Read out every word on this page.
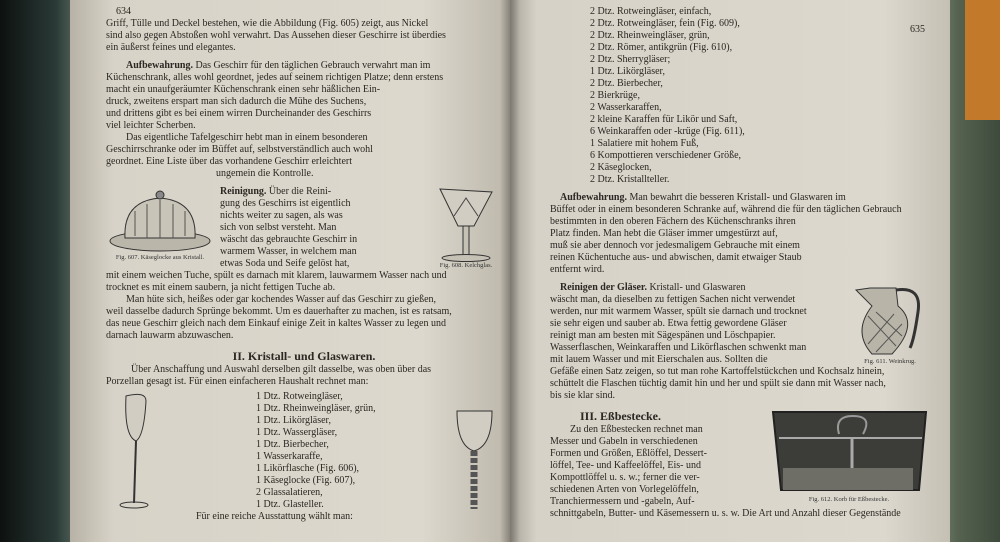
634
Griff, Tülle und Deckel bestehen, wie die Abbildung (Fig. 605) zeigt, aus Nickel
sind also gegen Abstoßen wohl verwahrt. Das Aussehen dieser Geschirre ist überdies
ein äußerst feines und elegantes.
Aufbewahrung. Das Geschirr für den täglichen Gebrauch verwahrt man im
Küchenschrank, alles wohl geordnet, jedes auf seinem richtigen Platze; denn erstens
macht ein unaufgeräumter Küchenschrank einen sehr häßlichen Ein-
druck, zweitens erspart man sich dadurch die Mühe des Suchens,
und drittens gibt es bei einem wirren Durcheinander des Geschirrs
viel leichter Scherben.
Das eigentliche Tafelgeschirr hebt man in einem besonderen
Geschirrschranke oder im Büffet auf, selbstverständlich auch wohl
geordnet. Eine Liste über das vorhandene Geschirr erleichtert
ungemein die Kontrolle.
Fig. 607. Käseglocke aus Kristall.
Reinigung. Über die Reini-
gung des Geschirrs ist eigentlich
nichts weiter zu sagen, als was
sich von selbst versteht. Man
wäscht das gebrauchte Geschirr in
warmem Wasser, in welchem man
etwas Soda und Seife gelöst hat,	Fig. 608. Kelchglas.
mit einem weichen Tuche, spült es darnach mit klarem, lauwarmem Wasser nach und
trocknet es mit einem saubern, ja nicht fettigen Tuche ab.
Man hüte sich, heißes oder gar kochendes Wasser auf das Geschirr zu gießen,
weil dasselbe dadurch Sprünge bekommt. Um es dauerhafter zu machen, ist es ratsam,
das neue Geschirr gleich nach dem Einkauf einige Zeit in kaltes Wasser zu legen und
darnach lauwarm abzuwaschen.
II. Kristall- und Glaswaren.
Über Anschaffung und Auswahl derselben gilt dasselbe, was oben über das
Porzellan gesagt ist. Für einen einfacheren Haushalt rechnet man:
1 Dtz. Rotweingläser,
1 Dtz. Rheinweingläser, grün,
1 Dtz. Likörgläser,
1 Dtz. Wassergläser,
1 Dtz. Bierbecher,
1 Wasserkaraffe,
1 Likörflasche (Fig. 606),
1 Käseglocke (Fig. 607),
2 Glassalatieren,
1 Dtz. Glasteller.
Für eine reiche Ausstattung wählt man:
2 Dtz. Rotweingläser, einfach,
2 Dtz. Rotweingläser, fein (Fig. 609),
2 Dtz. Rheinweingläser, grün,
2 Dtz. Römer, antikgrün (Fig. 610),
2 Dtz. Sherrygläser;
1 Dtz. Likörgläser,
2 Dtz. Bierbecher,
2 Bierkrüge,
2 Wasserkaraffen,
2 kleine Karaffen für Likör und Saft,
6 Weinkaraffen oder -krüge (Fig. 611),
1 Salatiere mit hohem Fuß,
6 Kompottieren verschiedener Größe,
2 Käseglocken,
2 Dtz. Kristallteller.
635
Aufbewahrung. Man bewahrt die besseren Kristall- und Glaswaren im
Büffet oder in einem besonderen Schranke auf, während die für den täglichen Gebrauch
bestimmten in den oberen Fächern des Küchenschranks ihren
Platz finden. Man hebt die Gläser immer umgestürzt auf,
muß sie aber dennoch vor jedesmaligem Gebrauche mit einem
reinen Küchentuche aus- und abwischen, damit etwaiger Staub
entfernt wird.
Reinigen der Gläser. Kristall- und Glaswaren
wäscht man, da dieselben zu fettigen Sachen nicht verwendet
werden, nur mit warmem Wasser, spült sie darnach und trocknet
sie sehr eigen und sauber ab. Etwa fettig gewordene Gläser
reinigt man am besten mit Sägespänen und Löschpapier.
Wasserflaschen, Weinkaraffen und Likörflaschen schwenkt man
mit lauem Wasser und mit Eierschalen aus. Sollten die	Fig. 611. Weinkrug.
Gefäße einen Satz zeigen, so tut man rohe Kartoffelstückchen und Kochsalz hinein,
schüttelt die Flaschen tüchtig damit hin und her und spült sie dann mit Wasser nach,
bis sie klar sind.
III. Eßbestecke.
Zu den Eßbestecken rechnet man
Messer und Gabeln in verschiedenen
Formen und Größen, Eßlöffel, Dessert-
löffel, Tee- und Kaffeelöffel, Eis- und
Kompottlöffel u. s. w.; ferner die ver-
schiedenen Arten von Vorlegelöffeln,
Tranchiermessern und -gabeln, Auf-	Fig. 612. Korb für Eßbestecke.
schnittgabeln, Butter- und Käsemessern u. s. w. Die Art und Anzahl dieser Gegenstände
